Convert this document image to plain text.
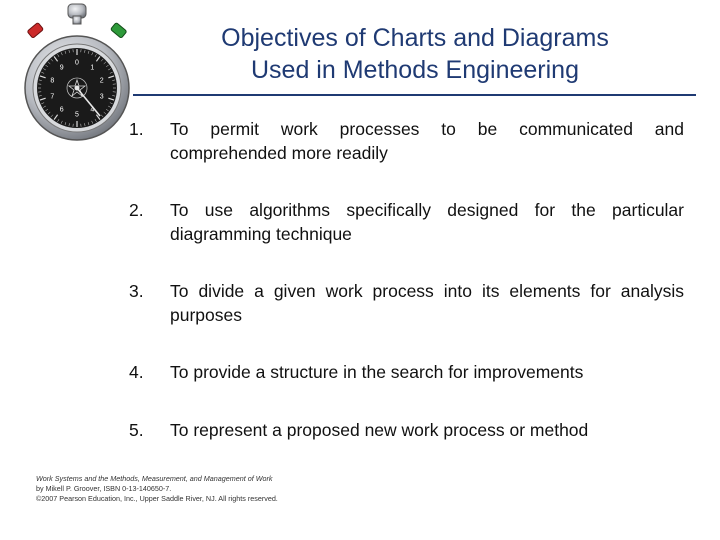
0
1
2
3
4
5
6
7
8
9
Objectives of Charts and Diagrams
Used in Methods Engineering
1. To permit work processes to be communicated and comprehended more readily
2. To use algorithms specifically designed for the particular diagramming technique
3. To divide a given work process into its elements for analysis purposes
4. To provide a structure in the search for improvements
5. To represent a proposed new work process or method
Work Systems and the Methods, Measurement, and Management of Work
by Mikell P. Groover, ISBN 0-13-140650-7.
©2007 Pearson Education, Inc., Upper Saddle River, NJ. All rights reserved.
